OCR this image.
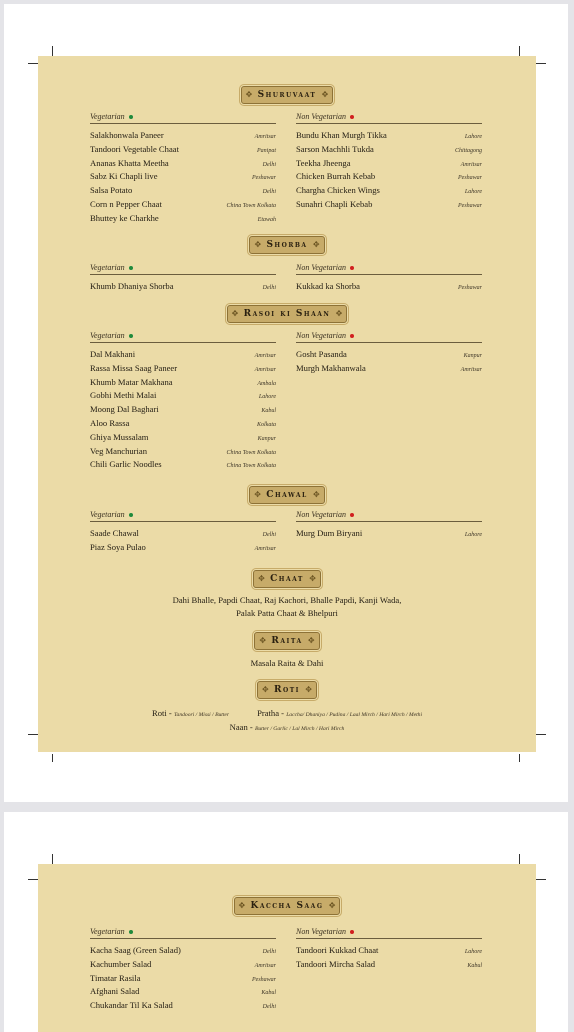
✥ Shuruvaat ✥
Vegetarian
Salakhonwala Paneer	Amritsar
Tandoori Vegetable Chaat	Panipat
Ananas Khatta Meetha	Delhi
Sabz Ki Chapli live	Peshawar
Salsa Potato	Delhi
Corn n Pepper Chaat	China Town Kolkata
Bhuttey ke Charkhe	Etawah
Non Vegetarian
Bundu Khan Murgh Tikka	Lahore
Sarson Machhli Tukda	Chittagong
Teekha Jheenga	Amritsar
Chicken Burrah Kebab	Peshawar
Chargha Chicken Wings	Lahore
Sunahri Chapli Kebab	Peshawar
✥ Shorba ✥
Vegetarian
Khumb Dhaniya Shorba	Delhi
Non Vegetarian
Kukkad ka Shorba	Peshawar
✥ Rasoi ki Shaan ✥
Vegetarian
Dal Makhani	Amritsar
Rassa Missa Saag Paneer	Amritsar
Khumb Matar Makhana	Ambala
Gobhi Methi Malai	Lahore
Moong Dal Baghari	Kabul
Aloo Rassa	Kolkata
Ghiya Mussalam	Kanpur
Veg Manchurian	China Town Kolkata
Chili Garlic Noodles	China Town Kolkata
Non Vegetarian
Gosht Pasanda	Kanpur
Murgh Makhanwala	Amritsar
✥ Chawal ✥
Vegetarian
Saade Chawal	Delhi
Piaz Soya Pulao	Amritsar
Non Vegetarian
Murg Dum Biryani	Lahore
✥ Chaat ✥
Dahi Bhalle, Papdi Chaat, Raj Kachori, Bhalle Papdi, Kanji Wada,
Palak Patta Chaat & Bhelpuri
✥ Raita ✥
Masala Raita & Dahi
✥ Roti ✥
Roti - Tandoori / Missi / Butter	Pratha - Lacchа/ Dhaniya / Pudina / Laal Mirch / Hari Mirch / Methi
Naan - Butter / Garlic / Lal Mirch / Hari Mirch
✥ Kaccha Saag ✥
Vegetarian
Kacha Saag (Green Salad)	Delhi
Kachumber Salad	Amritsar
Timatar Rasila	Peshawar
Afghani Salad	Kabul
Chukandar Til Ka Salad	Delhi
Non Vegetarian
Tandoori Kukkad Chaat	Lahore
Tandoori Mircha Salad	Kabul
